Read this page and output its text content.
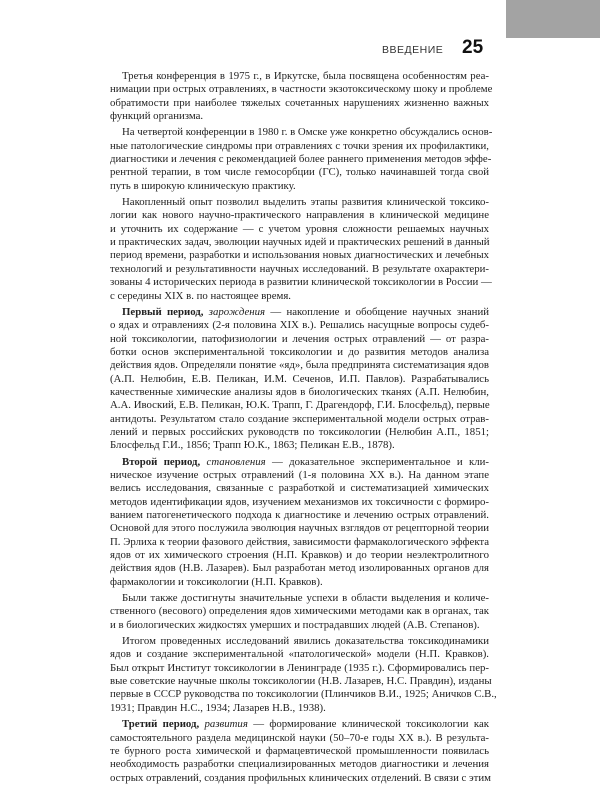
ВВЕДЕНИЕ 25

Третья конференция в 1975 г., в Иркутске, была посвящена особенностям реа-
нимации при острых отравлениях, в частности экзотоксическому шоку и проблеме
обратимости при наиболее тяжелых сочетанных нарушениях жизненно важных
функций организма.

На четвертой конференции в 1980 г. в Омске уже конкретно обсуждались основ-
ные патологические синдромы при отравлениях с точки зрения их профилактики,
диагностики и лечения с рекомендацией более раннего применения методов эффе-
рентной терапии, в том числе гемосорбции (ГС), только начинавшей тогда свой
путь в широкую клиническую практику.

Накопленный опыт позволил выделить этапы развития клинической токсико-
логии как нового научно-практического направления в клинической медицине
и уточнить их содержание — с учетом уровня сложности решаемых научных
и практических задач, эволюции научных идей и практических решений в данный
период времени, разработки и использования новых диагностических и лечебных
технологий и результативности научных исследований. В результате охарактери-
зованы 4 исторических периода в развитии клинической токсикологии в России —
с середины XIX в. по настоящее время.

Первый период, зарождения — накопление и обобщение научных знаний
о ядах и отравлениях (2-я половина XIX в.). Решались насущные вопросы судеб-
ной токсикологии, патофизиологии и лечения острых отравлений — от разра-
ботки основ экспериментальной токсикологии и до развития методов анализа
действия ядов. Определяли понятие «яд», была предпринята систематизация ядов
(А.П. Нелюбин, Е.В. Пеликан, И.М. Сеченов, И.П. Павлов). Разрабатывались
качественные химические анализы ядов в биологических тканях (А.П. Нелюбин,
А.А. Ивоский, Е.В. Пеликан, Ю.К. Трапп, Г. Драгендорф, Г.И. Блосфельд), первые
антидоты. Результатом стало создание экспериментальной модели острых отрав-
лений и первых российских руководств по токсикологии (Нелюбин А.П., 1851;
Блосфельд Г.И., 1856; Трапп Ю.К., 1863; Пеликан Е.В., 1878).

Второй период, становления — доказательное экспериментальное и кли-
ническое изучение острых отравлений (1-я половина XX в.). На данном этапе
велись исследования, связанные с разработкой и систематизацией химических
методов идентификации ядов, изучением механизмов их токсичности с формиро-
ванием патогенетического подхода к диагностике и лечению острых отравлений.
Основой для этого послужила эволюция научных взглядов от рецепторной теории
П. Эрлиха к теории фазового действия, зависимости фармакологического эффекта
ядов от их химического строения (Н.П. Кравков) и до теории неэлектролитного
действия ядов (Н.В. Лазарев). Был разработан метод изолированных органов для
фармакологии и токсикологии (Н.П. Кравков).

Были также достигнуты значительные успехи в области выделения и количе-
ственного (весового) определения ядов химическими методами как в органах, так
и в биологических жидкостях умерших и пострадавших людей (А.В. Степанов).

Итогом проведенных исследований явились доказательства токсикодинамики
ядов и создание экспериментальной «патологической» модели (Н.П. Кравков).
Был открыт Институт токсикологии в Ленинграде (1935 г.). Сформировались пер-
вые советские научные школы токсикологии (Н.В. Лазарев, Н.С. Правдин), изданы
первые в СССР руководства по токсикологии (Плинчиков В.И., 1925; Аничков С.В.,
1931; Правдин Н.С., 1934; Лазарев Н.В., 1938).

Третий период, развития — формирование клинической токсикологии как
самостоятельного раздела медицинской науки (50–70-е годы XX в.). В результа-
те бурного роста химической и фармацевтической промышленности появилась
необходимость разработки специализированных методов диагностики и лечения
острых отравлений, создания профильных клинических отделений. В связи с этим
